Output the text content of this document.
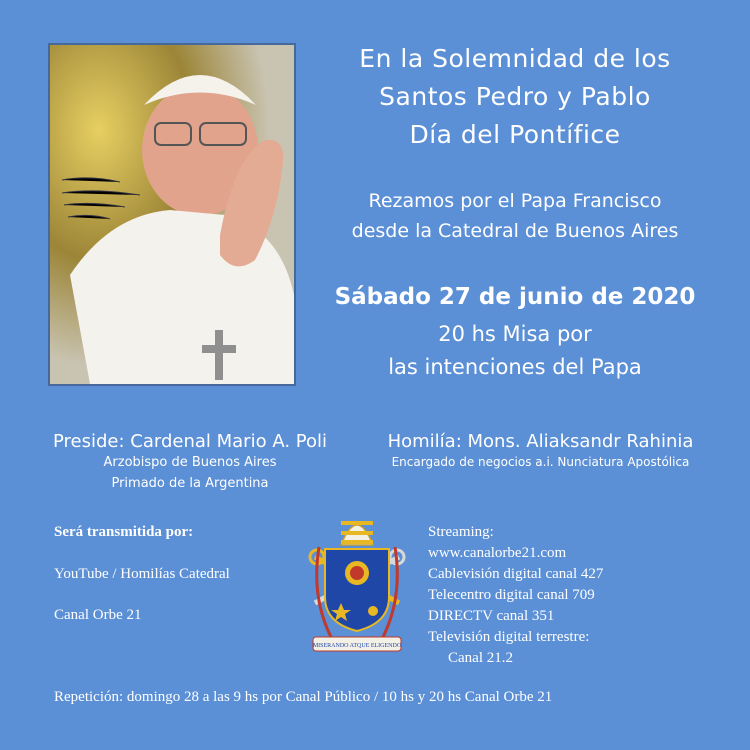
En la Solemnidad de los
Santos Pedro y Pablo
Día del Pontífice
Rezamos por el Papa Francisco
desde la Catedral de Buenos Aires
Sábado 27 de junio de 2020
20 hs Misa por
las intenciones del Papa
Preside: Cardenal Mario A. Poli
Arzobispo de Buenos Aires
Primado de la Argentina
Homilía: Mons. Aliaksandr Rahinia
Encargado de negocios a.i. Nunciatura Apostólica
Será transmitida por:
YouTube / Homilías Catedral
Canal Orbe 21
MISERANDO ATQUE ELIGENDO
Streaming:
www.canalorbe21.com
Cablevisión digital canal 427
Telecentro digital canal 709
DIRECTV canal 351
Televisión digital terrestre:
Canal 21.2
Repetición: domingo 28 a las 9 hs por Canal Público / 10 hs y 20 hs Canal Orbe 21
